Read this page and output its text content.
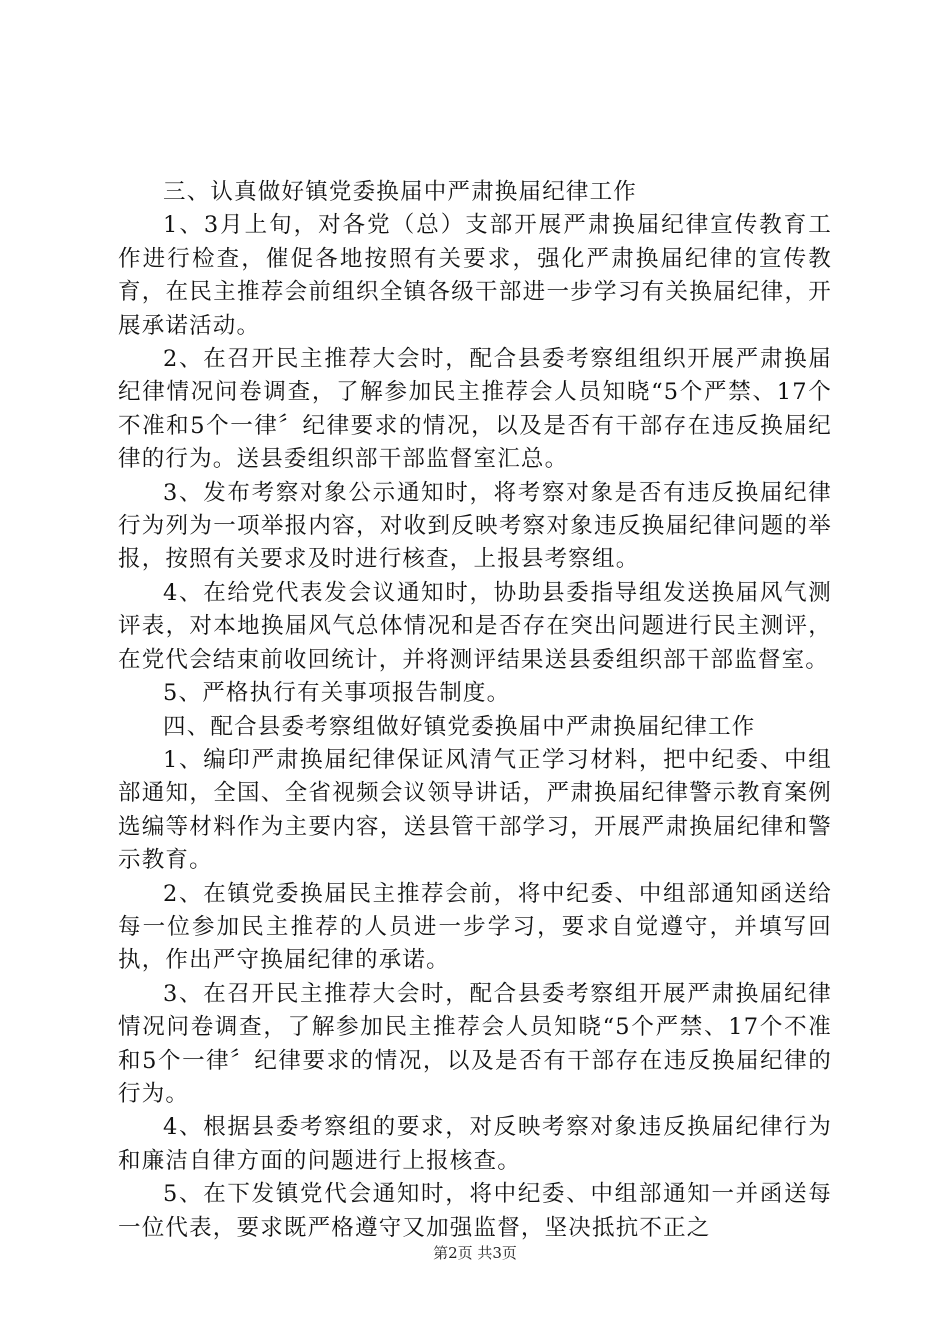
三、认真做好镇党委换届中严肃换届纪律工作

1、3月上旬，对各党（总）支部开展严肃换届纪律宣传教育工作进行检查，催促各地按照有关要求，强化严肃换届纪律的宣传教育，在民主推荐会前组织全镇各级干部进一步学习有关换届纪律，开展承诺活动。

2、在召开民主推荐大会时，配合县委考察组组织开展严肃换届纪律情况问卷调查，了解参加民主推荐会人员知晓“5个严禁、17个不准和5个一律〞纪律要求的情况，以及是否有干部存在违反换届纪律的行为。送县委组织部干部监督室汇总。

3、发布考察对象公示通知时，将考察对象是否有违反换届纪律行为列为一项举报内容，对收到反映考察对象违反换届纪律问题的举报，按照有关要求及时进行核查，上报县考察组。

4、在给党代表发会议通知时，协助县委指导组发送换届风气测评表，对本地换届风气总体情况和是否存在突出问题进行民主测评，在党代会结束前收回统计，并将测评结果送县委组织部干部监督室。

5、严格执行有关事项报告制度。

四、配合县委考察组做好镇党委换届中严肃换届纪律工作

1、编印严肃换届纪律保证风清气正学习材料，把中纪委、中组部通知，全国、全省视频会议领导讲话，严肃换届纪律警示教育案例选编等材料作为主要内容，送县管干部学习，开展严肃换届纪律和警示教育。

2、在镇党委换届民主推荐会前，将中纪委、中组部通知函送给每一位参加民主推荐的人员进一步学习，要求自觉遵守，并填写回执，作出严守换届纪律的承诺。

3、在召开民主推荐大会时，配合县委考察组开展严肃换届纪律情况问卷调查，了解参加民主推荐会人员知晓“5个严禁、17个不准和5个一律〞纪律要求的情况，以及是否有干部存在违反换届纪律的行为。

4、根据县委考察组的要求，对反映考察对象违反换届纪律行为和廉洁自律方面的问题进行上报核查。

5、在下发镇党代会通知时，将中纪委、中组部通知一并函送每一位代表，要求既严格遵守又加强监督，坚决抵抗不正之

第2页 共3页
